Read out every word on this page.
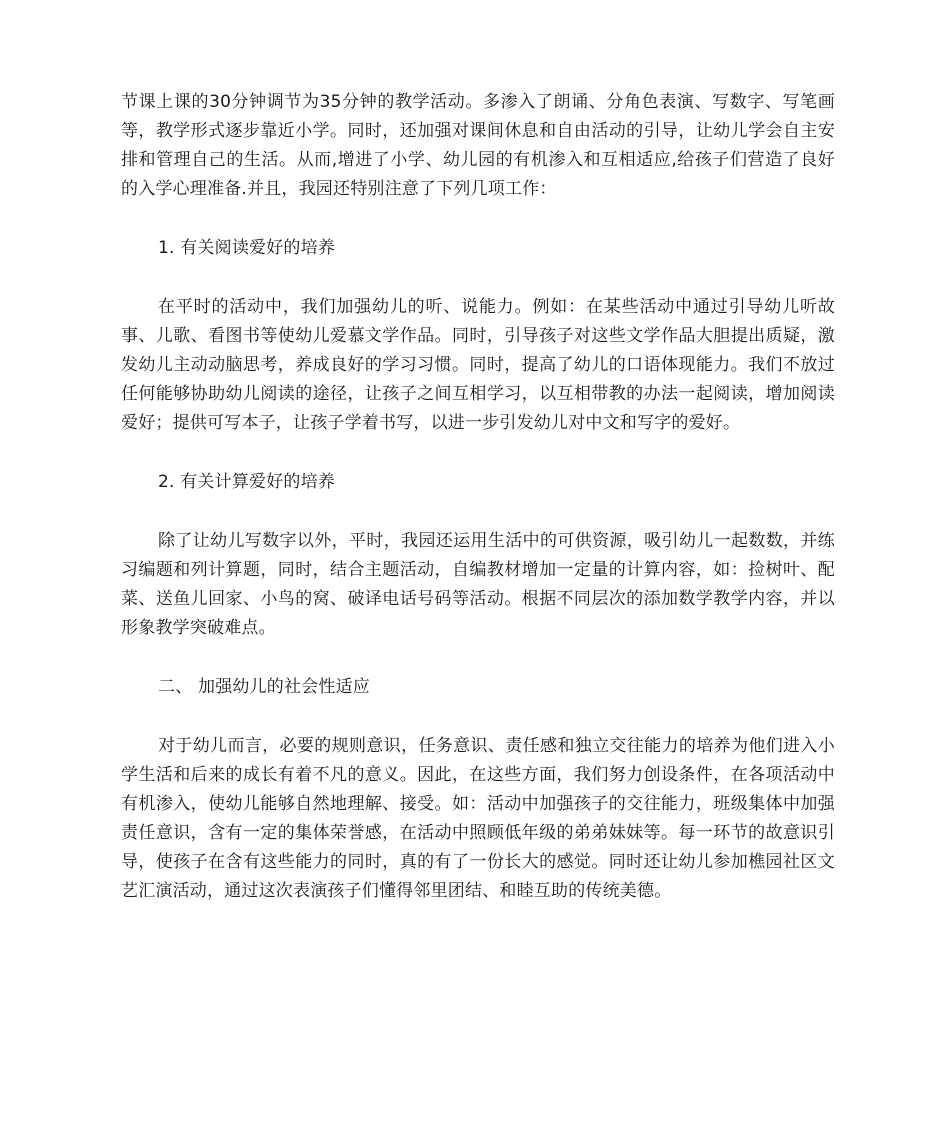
节课上课的30分钟调节为35分钟的教学活动。多渗入了朗诵、分角色表演、写数字、写笔画等，教学形式逐步靠近小学。同时，还加强对课间休息和自由活动的引导，让幼儿学会自主安排和管理自己的生活。从而,增进了小学、幼儿园的有机渗入和互相适应,给孩子们营造了良好的入学心理准备.并且，我园还特别注意了下列几项工作：

1. 有关阅读爱好的培养

在平时的活动中，我们加强幼儿的听、说能力。例如：在某些活动中通过引导幼儿听故事、儿歌、看图书等使幼儿爱慕文学作品。同时，引导孩子对这些文学作品大胆提出质疑，激发幼儿主动动脑思考，养成良好的学习习惯。同时，提高了幼儿的口语体现能力。我们不放过任何能够协助幼儿阅读的途径，让孩子之间互相学习，以互相带教的办法一起阅读，增加阅读爱好；提供可写本子，让孩子学着书写，以进一步引发幼儿对中文和写字的爱好。

2. 有关计算爱好的培养

除了让幼儿写数字以外，平时，我园还运用生活中的可供资源，吸引幼儿一起数数，并练习编题和列计算题，同时，结合主题活动，自编教材增加一定量的计算内容，如：捡树叶、配菜、送鱼儿回家、小鸟的窝、破译电话号码等活动。根据不同层次的添加数学教学内容，并以形象教学突破难点。

二、 加强幼儿的社会性适应

对于幼儿而言，必要的规则意识，任务意识、责任感和独立交往能力的培养为他们进入小学生活和后来的成长有着不凡的意义。因此，在这些方面，我们努力创设条件，在各项活动中有机渗入，使幼儿能够自然地理解、接受。如：活动中加强孩子的交往能力，班级集体中加强责任意识，含有一定的集体荣誉感，在活动中照顾低年级的弟弟妹妹等。每一环节的故意识引导，使孩子在含有这些能力的同时，真的有了一份长大的感觉。同时还让幼儿参加樵园社区文艺汇演活动，通过这次表演孩子们懂得邻里团结、和睦互助的传统美德。
